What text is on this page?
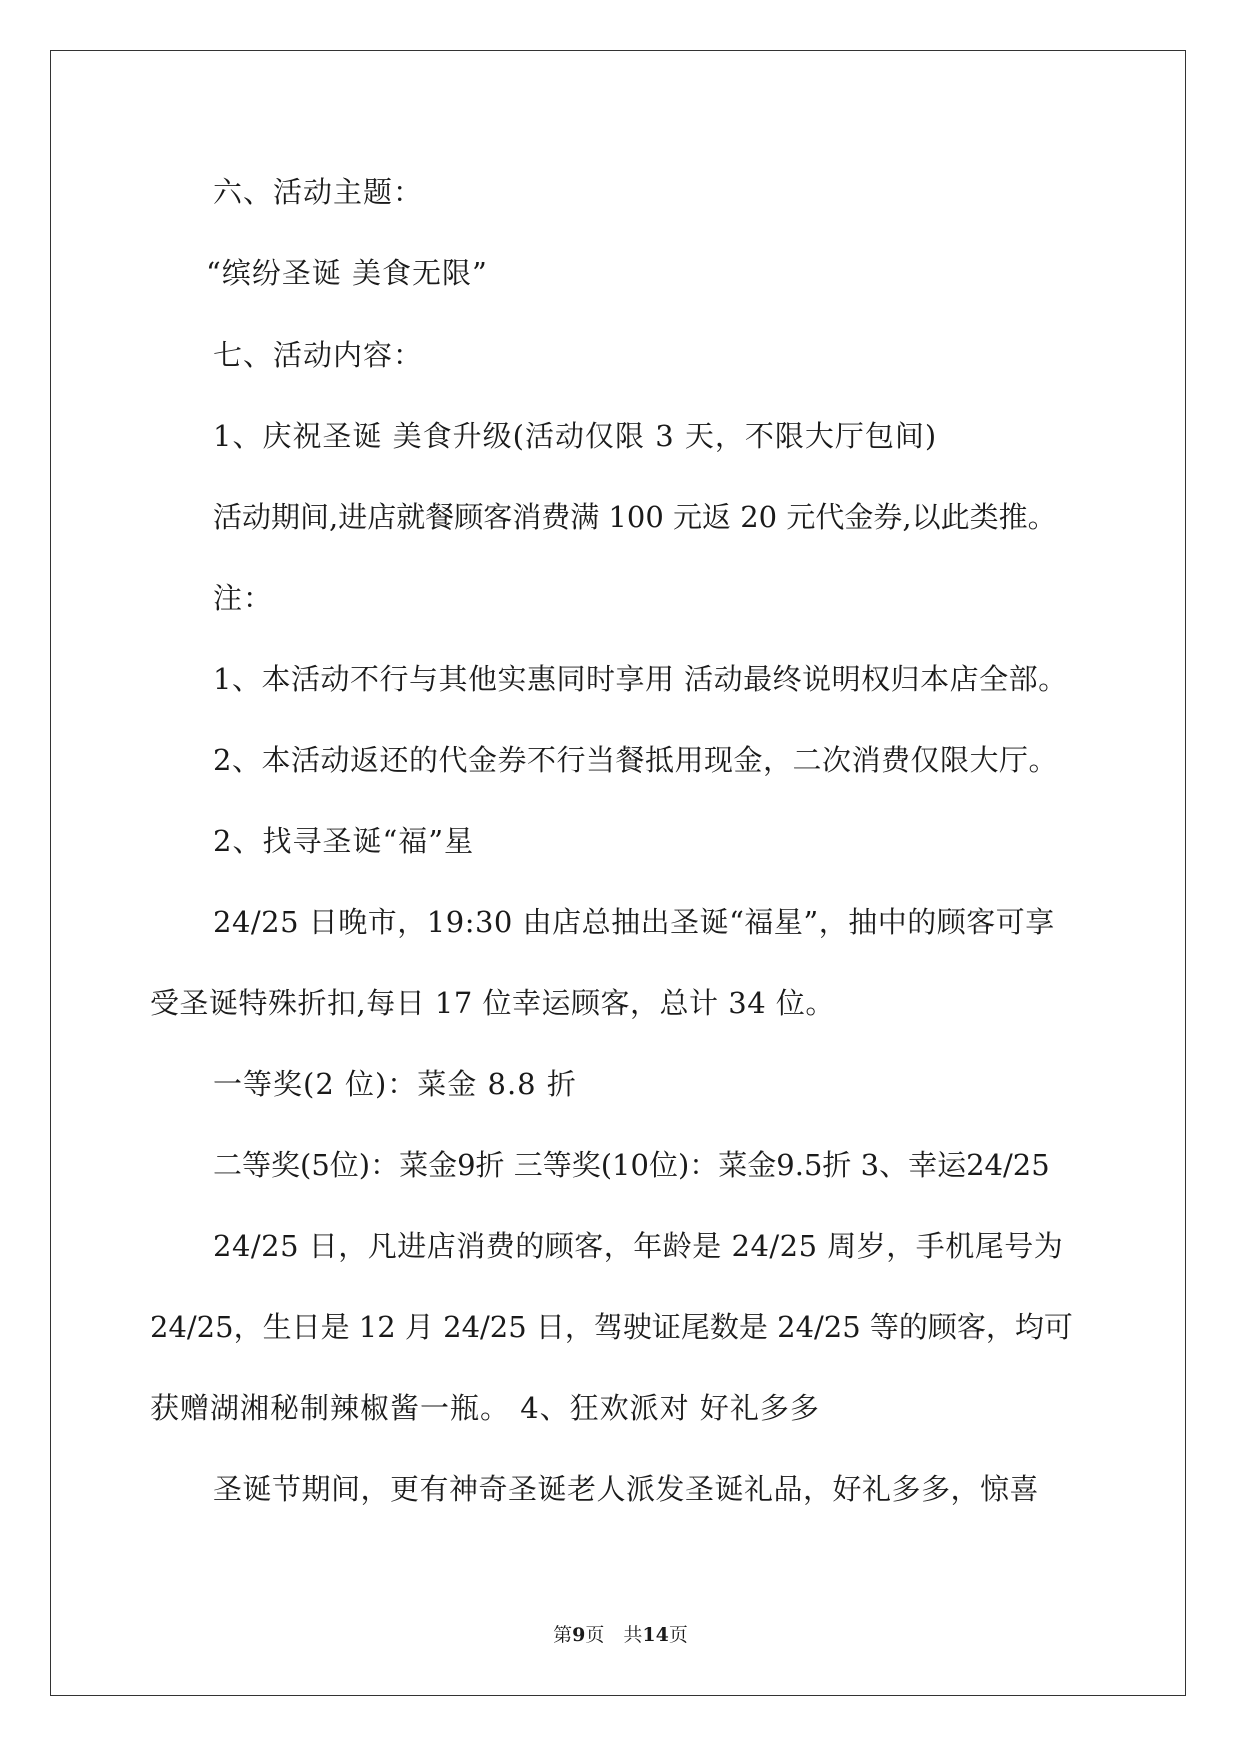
六、活动主题：
“缤纷圣诞 美食无限”
七、活动内容：
1、庆祝圣诞 美食升级(活动仅限 3 天，不限大厅包间)
活动期间,进店就餐顾客消费满 100 元返 20 元代金券,以此类推。
注：
1、本活动不行与其他实惠同时享用 活动最终说明权归本店全部。
2、本活动返还的代金券不行当餐抵用现金，二次消费仅限大厅。
2、找寻圣诞“福”星
24/25 日晚市，19:30 由店总抽出圣诞“福星”，抽中的顾客可享
受圣诞特殊折扣,每日 17 位幸运顾客，总计 34 位。
一等奖(2 位)：菜金 8.8 折
二等奖(5位)：菜金9折 三等奖(10位)：菜金9.5折 3、幸运24/25
24/25 日，凡进店消费的顾客，年龄是 24/25 周岁，手机尾号为
24/25，生日是 12 月 24/25 日，驾驶证尾数是 24/25 等的顾客，均可
获赠湖湘秘制辣椒酱一瓶。 4、狂欢派对 好礼多多
圣诞节期间，更有神奇圣诞老人派发圣诞礼品，好礼多多，惊喜
第9页　共14页
